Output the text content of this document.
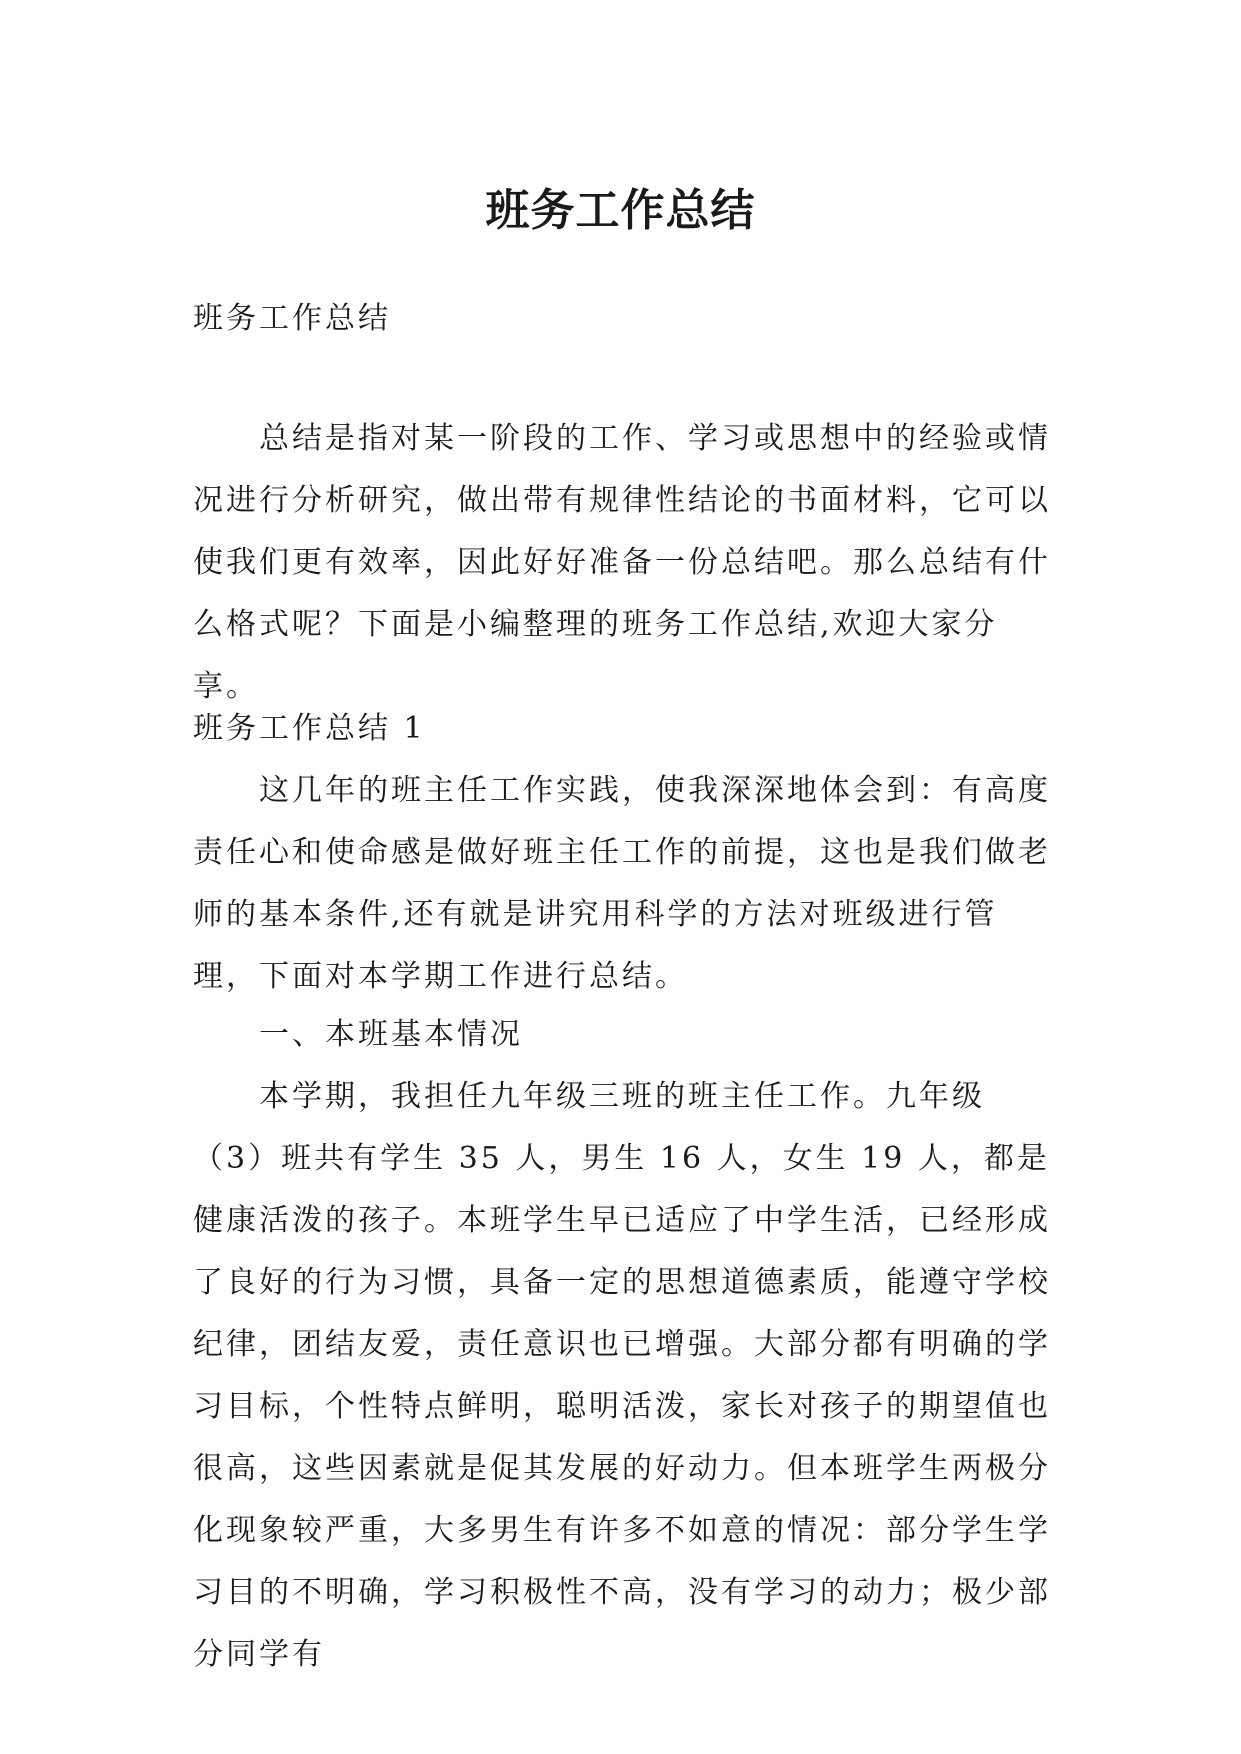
班务工作总结

班务工作总结

总结是指对某一阶段的工作、学习或思想中的经验或情况进行分析研究，做出带有规律性结论的书面材料，它可以使我们更有效率，因此好好准备一份总结吧。那么总结有什么格式呢？下面是小编整理的班务工作总结,欢迎大家分享。

班务工作总结 1

这几年的班主任工作实践，使我深深地体会到：有高度责任心和使命感是做好班主任工作的前提，这也是我们做老师的基本条件,还有就是讲究用科学的方法对班级进行管理，下面对本学期工作进行总结。

一、本班基本情况

本学期，我担任九年级三班的班主任工作。九年级（3）班共有学生 35 人，男生 16 人，女生 19 人，都是健康活泼的孩子。本班学生早已适应了中学生活，已经形成了良好的行为习惯，具备一定的思想道德素质，能遵守学校纪律，团结友爱，责任意识也已增强。大部分都有明确的学习目标，个性特点鲜明，聪明活泼，家长对孩子的期望值也很高，这些因素就是促其发展的好动力。但本班学生两极分化现象较严重，大多男生有许多不如意的情况：部分学生学习目的不明确，学习积极性不高，没有学习的动力；极少部分同学有
